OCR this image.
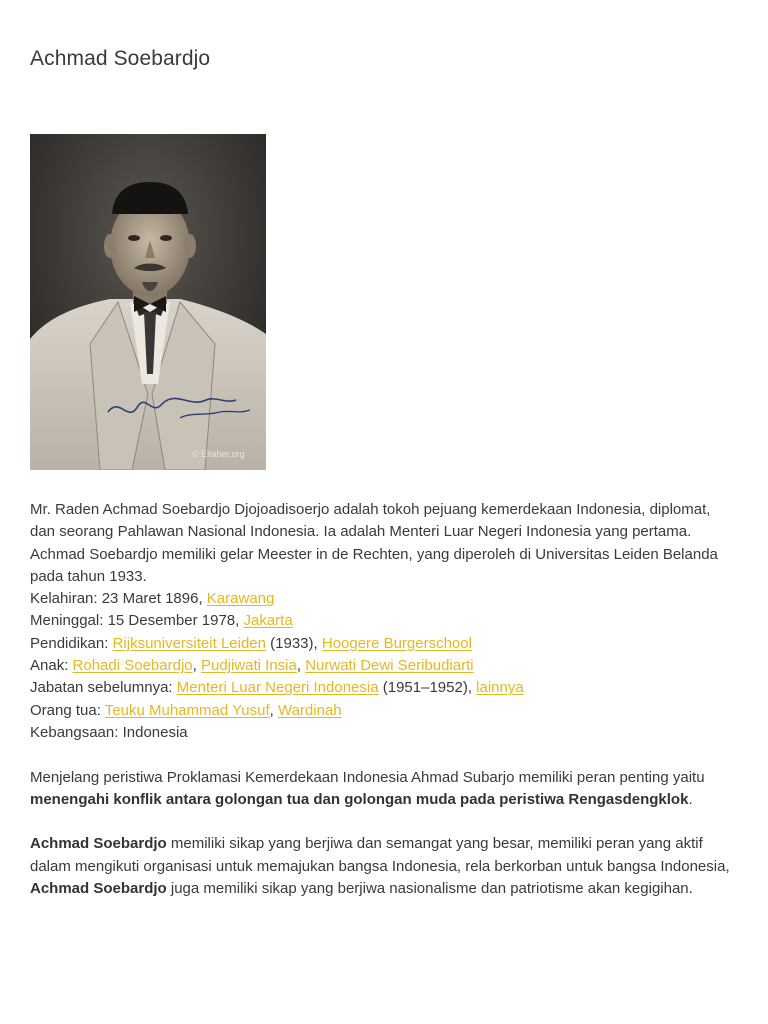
Achmad Soebardjo
© Eltaher.org

Mr. Raden Achmad Soebardjo Djojoadisoerjo adalah tokoh pejuang kemerdekaan Indonesia, diplomat, dan seorang Pahlawan Nasional Indonesia. Ia adalah Menteri Luar Negeri Indonesia yang pertama. Achmad Soebardjo memiliki gelar Meester in de Rechten, yang diperoleh di Universitas Leiden Belanda pada tahun 1933.

Kelahiran: 23 Maret 1896, Karawang

Meninggal: 15 Desember 1978, Jakarta

Pendidikan: Rijksuniversiteit Leiden (1933), Hoogere Burgerschool

Anak: Rohadi Soebardjo, Pudjiwati Insia, Nurwati Dewi Seribudiarti

Jabatan sebelumnya: Menteri Luar Negeri Indonesia (1951–1952), lainnya

Orang tua: Teuku Muhammad Yusuf, Wardinah

Kebangsaan: Indonesia

Menjelang peristiwa Proklamasi Kemerdekaan Indonesia Ahmad Subarjo memiliki peran penting yaitu menengahi konflik antara golongan tua dan golongan muda pada peristiwa Rengasdengklok.

Achmad Soebardjo memiliki sikap yang berjiwa dan semangat yang besar, memiliki peran yang aktif dalam mengikuti organisasi untuk memajukan bangsa Indonesia, rela berkorban untuk bangsa Indonesia, Achmad Soebardjo juga memiliki sikap yang berjiwa nasionalisme dan patriotisme akan kegigihan.
